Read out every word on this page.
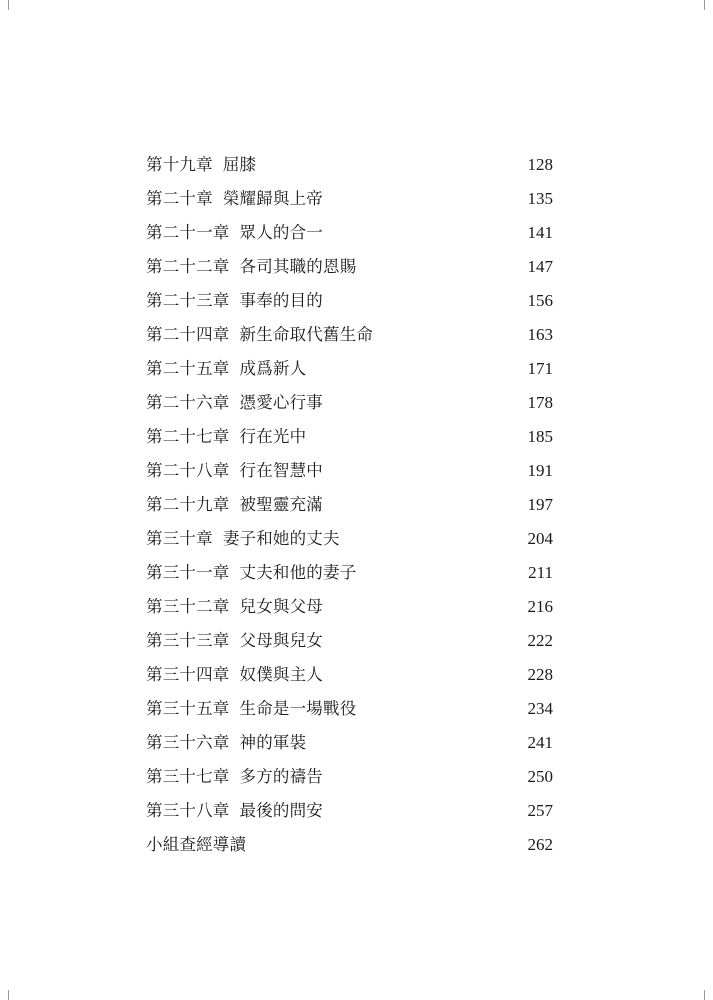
第十九章 屈膝	128
第二十章 榮耀歸與上帝	135
第二十一章 眾人的合一	141
第二十二章 各司其職的恩賜	147
第二十三章 事奉的目的	156
第二十四章 新生命取代舊生命	163
第二十五章 成爲新人	171
第二十六章 憑愛心行事	178
第二十七章 行在光中	185
第二十八章 行在智慧中	191
第二十九章 被聖靈充滿	197
第三十章 妻子和她的丈夫	204
第三十一章 丈夫和他的妻子	211
第三十二章 兒女與父母	216
第三十三章 父母與兒女	222
第三十四章 奴僕與主人	228
第三十五章 生命是一場戰役	234
第三十六章 神的軍裝	241
第三十七章 多方的禱告	250
第三十八章 最後的問安	257
小組查經導讀	262
